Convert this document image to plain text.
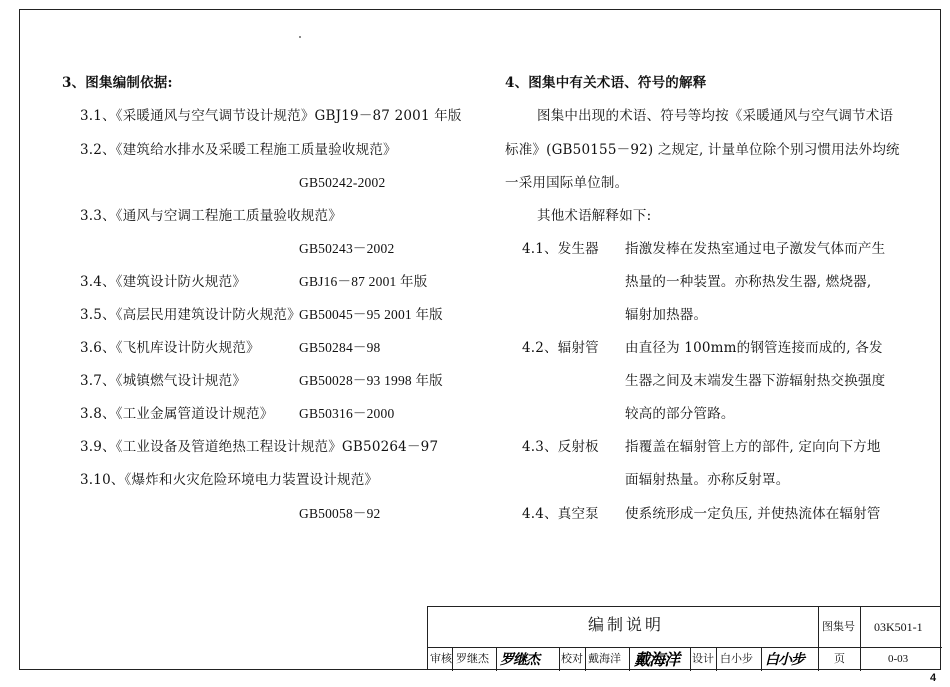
3、图集编制依据:
3.1、《采暖通风与空气调节设计规范》GBJ19－87 2001 年版
3.2、《建筑给水排水及采暖工程施工质量验收规范》
GB50242-2002
3.3、《通风与空调工程施工质量验收规范》
GB50243－2002
3.4、《建筑设计防火规范》	GBJ16－87 2001 年版
3.5、《高层民用建筑设计防火规范》
GB50045－95 2001 年版
3.6、《飞机库设计防火规范》	GB50284－98
3.7、《城镇燃气设计规范》	GB50028－93 1998 年版
3.8、《工业金属管道设计规范》 GB50316－2000
3.9、《工业设备及管道绝热工程设计规范》GB50264－97
3.10、《爆炸和火灾危险环境电力装置设计规范》
GB50058－92
4、图集中有关术语、符号的解释
图集中出现的术语、符号等均按《采暖通风与空气调节术语
标准》(GB50155－92) 之规定, 计量单位除个别习惯用法外均统
一采用国际单位制。
其他术语解释如下:
4.1、发生器 指激发棒在发热室通过电子激发气体而产生
热量的一种装置。亦称热发生器, 燃烧器,
辐射加热器。
4.2、辐射管 由直径为 100mm的钢管连接而成的, 各发
生器之间及末端发生器下游辐射热交换强度
较高的部分管路。
4.3、反射板 指覆盖在辐射管上方的部件, 定向向下方地
面辐射热量。亦称反射罩。
4.4、真空泵 使系统形成一定负压, 并使热流体在辐射管
编制说明	图集号 03K501-1
页	0-03
审核 罗继杰 罗继杰 校对 戴海洋 戴海洋 设计 白小步 白小步
4
